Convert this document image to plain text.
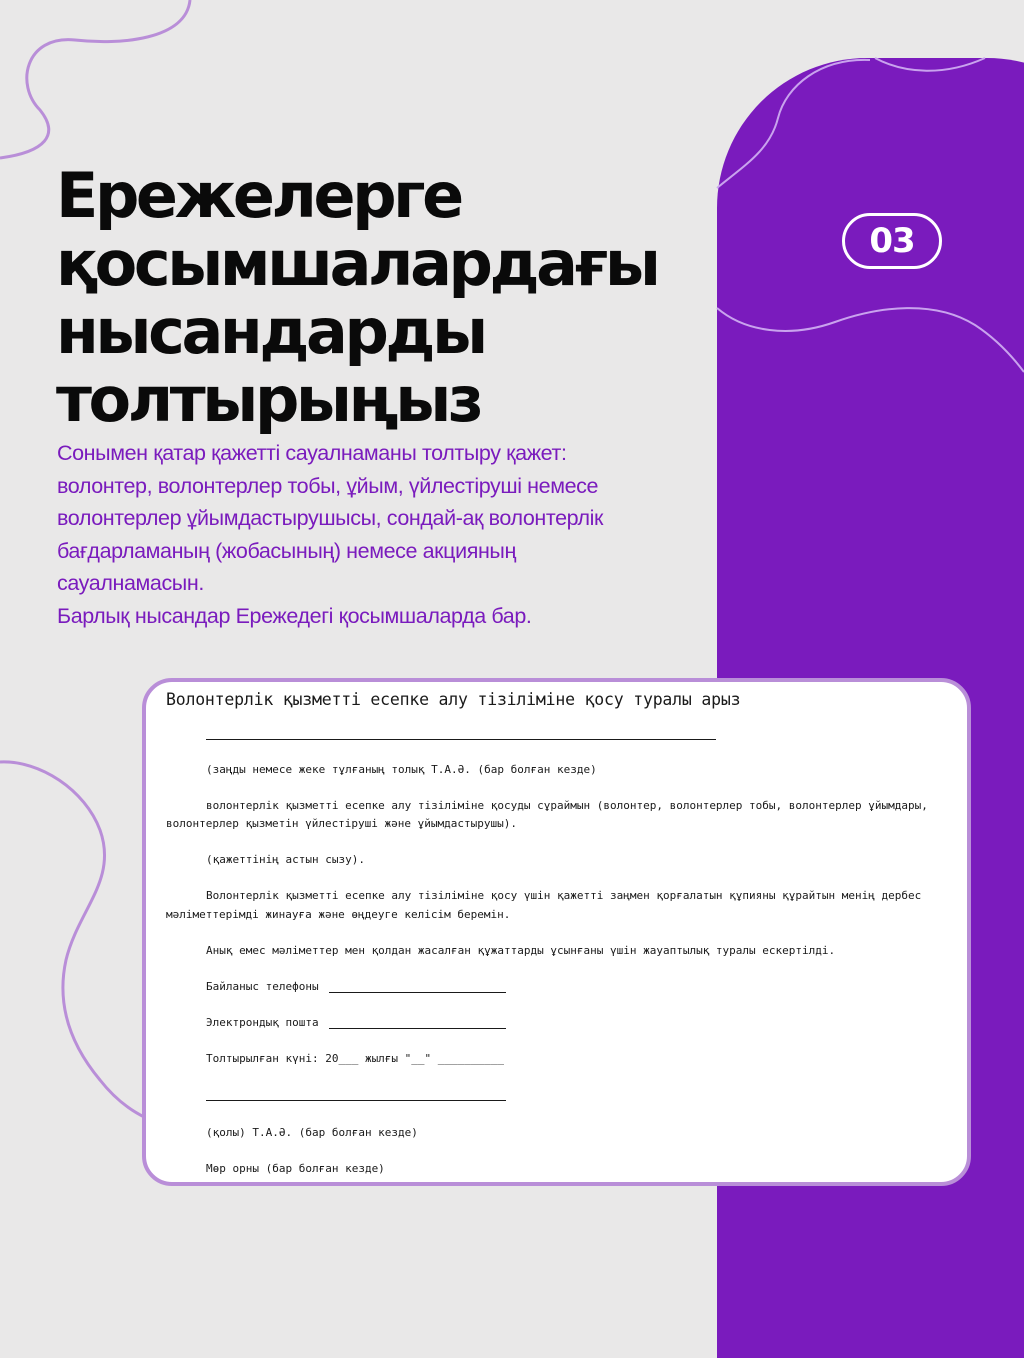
03
Ережелерге
қосымшалардағы
нысандарды
толтырыңыз
Сонымен қатар қажетті сауалнаманы толтыру қажет:
волонтер, волонтерлер тобы, ұйым, үйлестіруші немесе
волонтерлер ұйымдастырушысы, сондай-ақ волонтерлік
бағдарламаның (жобасының) немесе акцияның
сауалнамасын.
Барлық нысандар Ережедегі қосымшаларда бар.
Волонтерлік қызметті есепке алу тізіліміне қосу туралы арыз
(заңды немесе жеке тұлғаның толық Т.А.Ә. (бар болған кезде)
волонтерлік қызметті есепке алу тізіліміне қосуды сұраймын (волонтер, волонтерлер тобы, волонтерлер ұйымдары,
волонтерлер қызметін үйлестіруші және ұйымдастырушы).
(қажеттінің астын сызу).
Волонтерлік қызметті есепке алу тізіліміне қосу үшін қажетті заңмен қорғалатын құпияны құрайтын менің дербес
мәліметтерімді жинауға және өңдеуге келісім беремін.
Анық емес мәліметтер мен қолдан жасалған құжаттарды ұсынғаны үшін жауаптылық туралы ескертілді.
Байланыс телефоны
Электрондық пошта
Толтырылған күні: 20___ жылғы "__" __________
(қолы) Т.А.Ә. (бар болған кезде)
Мөр орны (бар болған кезде)
